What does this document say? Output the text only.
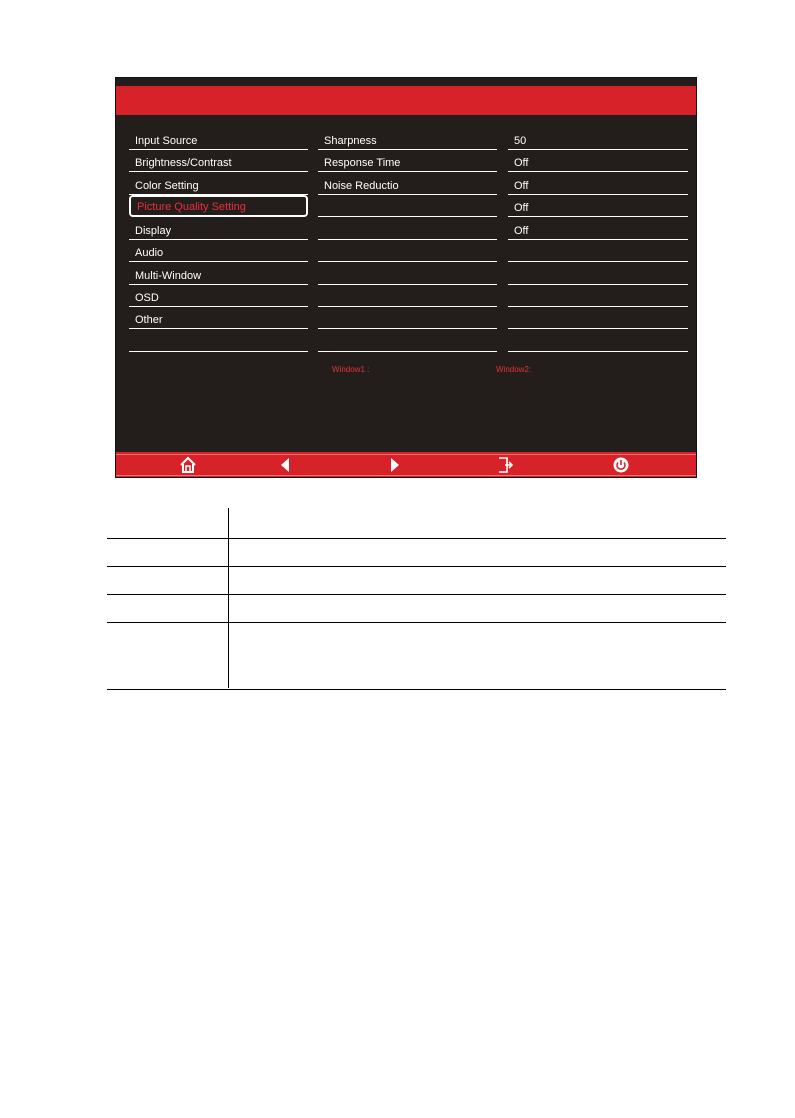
Input Source
Brightness/Contrast
Color Setting
Picture Quality Setting
Display
Audio
Multi-Window
OSD
Other
Sharpness
Response Time
Noise Reductio
50
Off
Off
Off
Off
Window1 :	Window2:
